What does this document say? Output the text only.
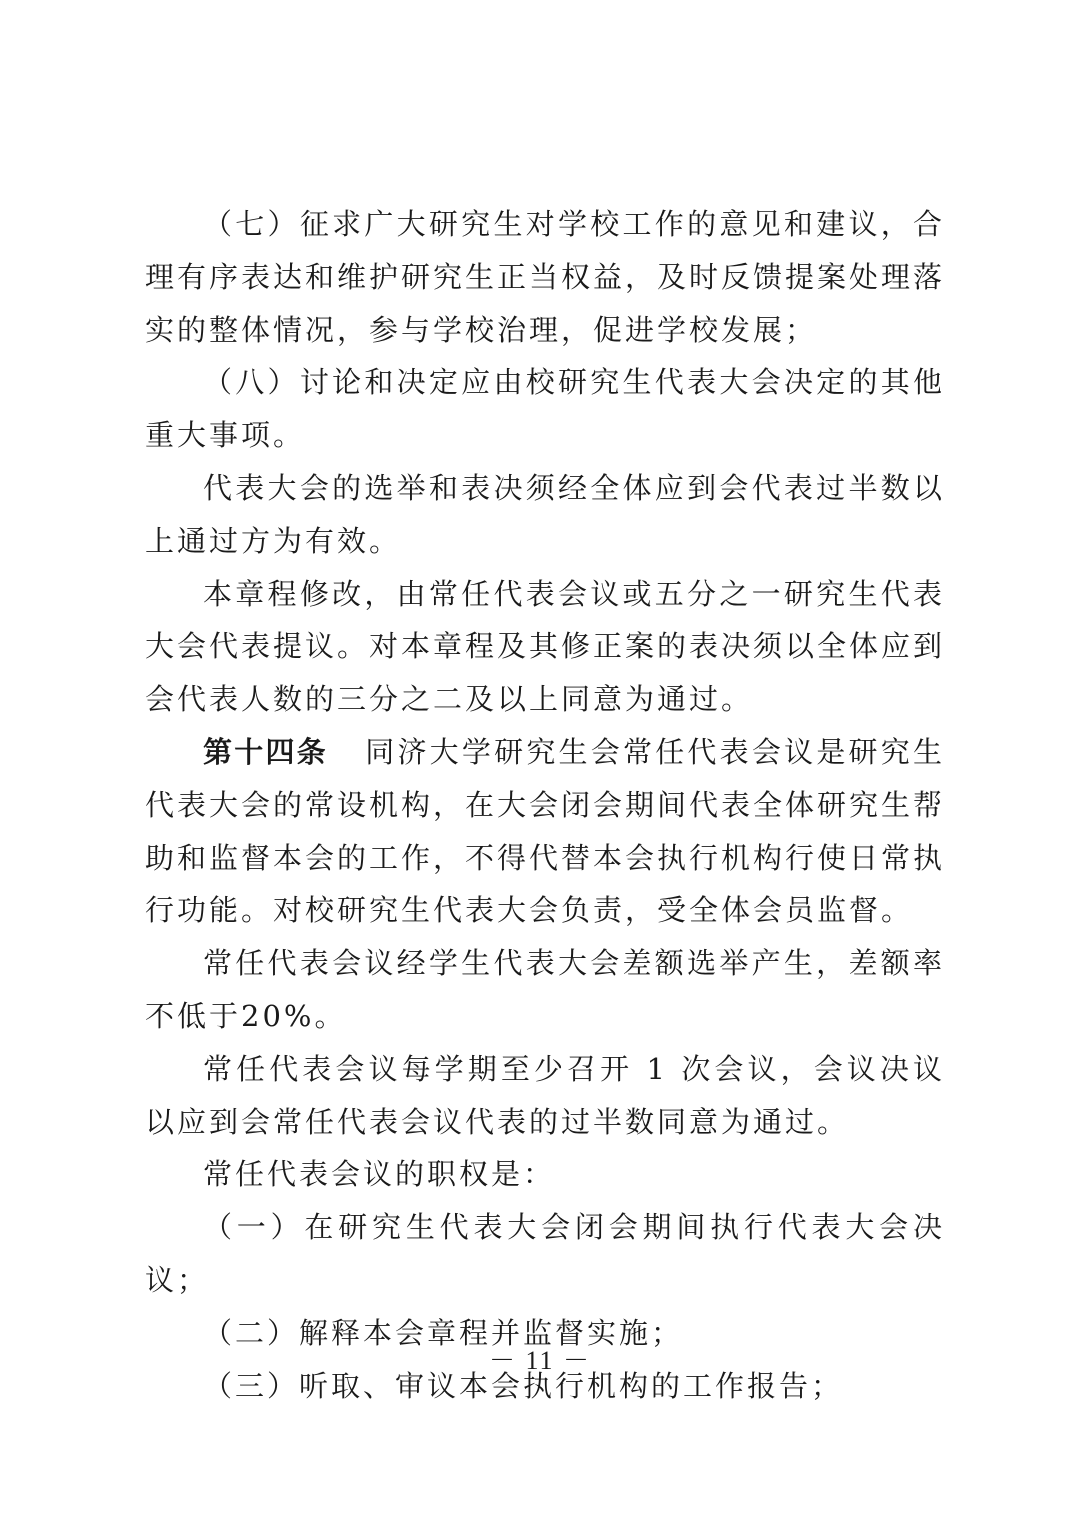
（七）征求广大研究生对学校工作的意见和建议，合理有序表达和维护研究生正当权益，及时反馈提案处理落实的整体情况，参与学校治理，促进学校发展；

（八）讨论和决定应由校研究生代表大会决定的其他重大事项。

代表大会的选举和表决须经全体应到会代表过半数以上通过方为有效。

本章程修改，由常任代表会议或五分之一研究生代表大会代表提议。对本章程及其修正案的表决须以全体应到会代表人数的三分之二及以上同意为通过。

第十四条 同济大学研究生会常任代表会议是研究生代表大会的常设机构，在大会闭会期间代表全体研究生帮助和监督本会的工作，不得代替本会执行机构行使日常执行功能。对校研究生代表大会负责，受全体会员监督。

常任代表会议经学生代表大会差额选举产生，差额率不低于20%。

常任代表会议每学期至少召开 1 次会议，会议决议以应到会常任代表会议代表的过半数同意为通过。

常任代表会议的职权是：

（一）在研究生代表大会闭会期间执行代表大会决议；

（二）解释本会章程并监督实施；

（三）听取、审议本会执行机构的工作报告；

－ 11 －
